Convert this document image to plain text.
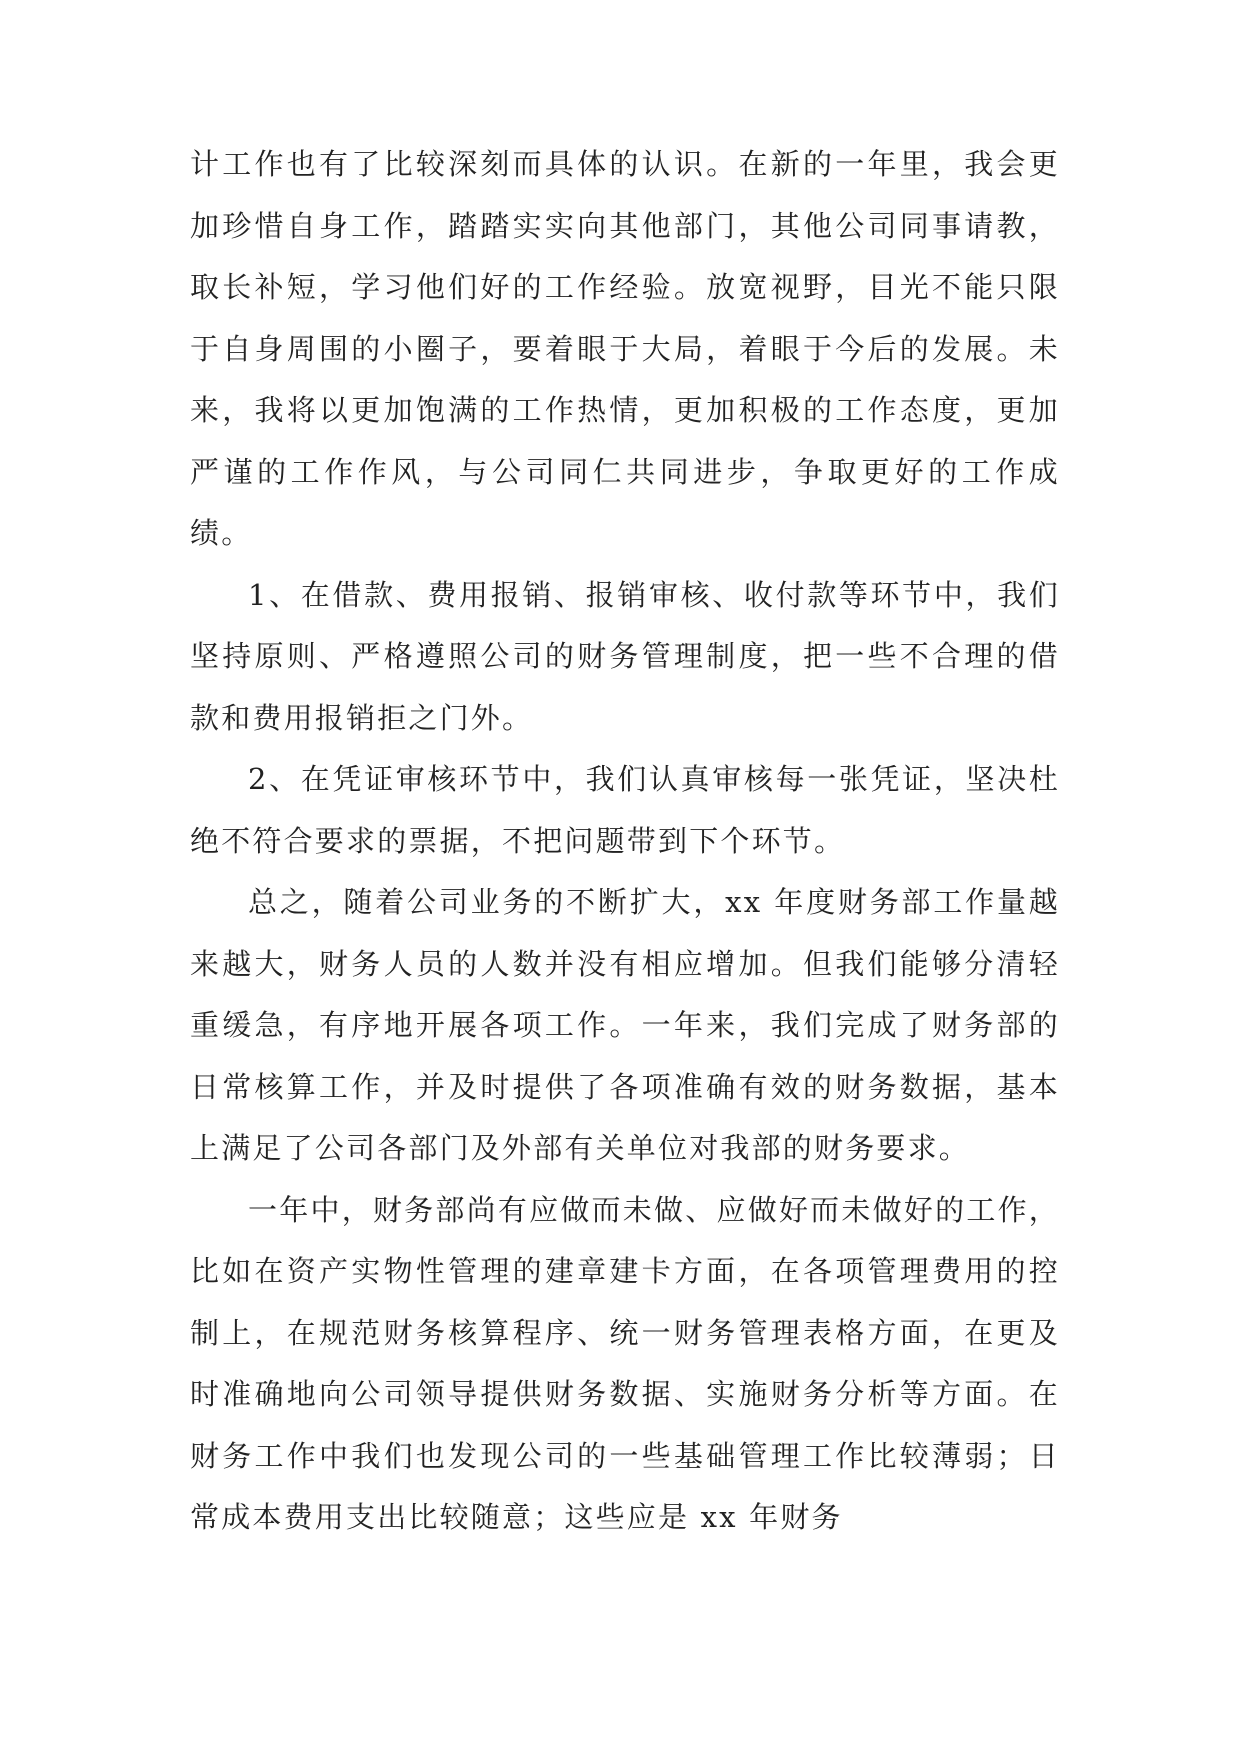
计工作也有了比较深刻而具体的认识。在新的一年里，我会更加珍惜自身工作，踏踏实实向其他部门，其他公司同事请教，取长补短，学习他们好的工作经验。放宽视野，目光不能只限于自身周围的小圈子，要着眼于大局，着眼于今后的发展。未来，我将以更加饱满的工作热情，更加积极的工作态度，更加严谨的工作作风，与公司同仁共同进步，争取更好的工作成绩。

1、在借款、费用报销、报销审核、收付款等环节中，我们坚持原则、严格遵照公司的财务管理制度，把一些不合理的借款和费用报销拒之门外。

2、在凭证审核环节中，我们认真审核每一张凭证，坚决杜绝不符合要求的票据，不把问题带到下个环节。

总之，随着公司业务的不断扩大，xx 年度财务部工作量越来越大，财务人员的人数并没有相应增加。但我们能够分清轻重缓急，有序地开展各项工作。一年来，我们完成了财务部的日常核算工作，并及时提供了各项准确有效的财务数据，基本上满足了公司各部门及外部有关单位对我部的财务要求。

一年中，财务部尚有应做而未做、应做好而未做好的工作，比如在资产实物性管理的建章建卡方面，在各项管理费用的控制上，在规范财务核算程序、统一财务管理表格方面，在更及时准确地向公司领导提供财务数据、实施财务分析等方面。在财务工作中我们也发现公司的一些基础管理工作比较薄弱；日常成本费用支出比较随意；这些应是 xx 年财务
